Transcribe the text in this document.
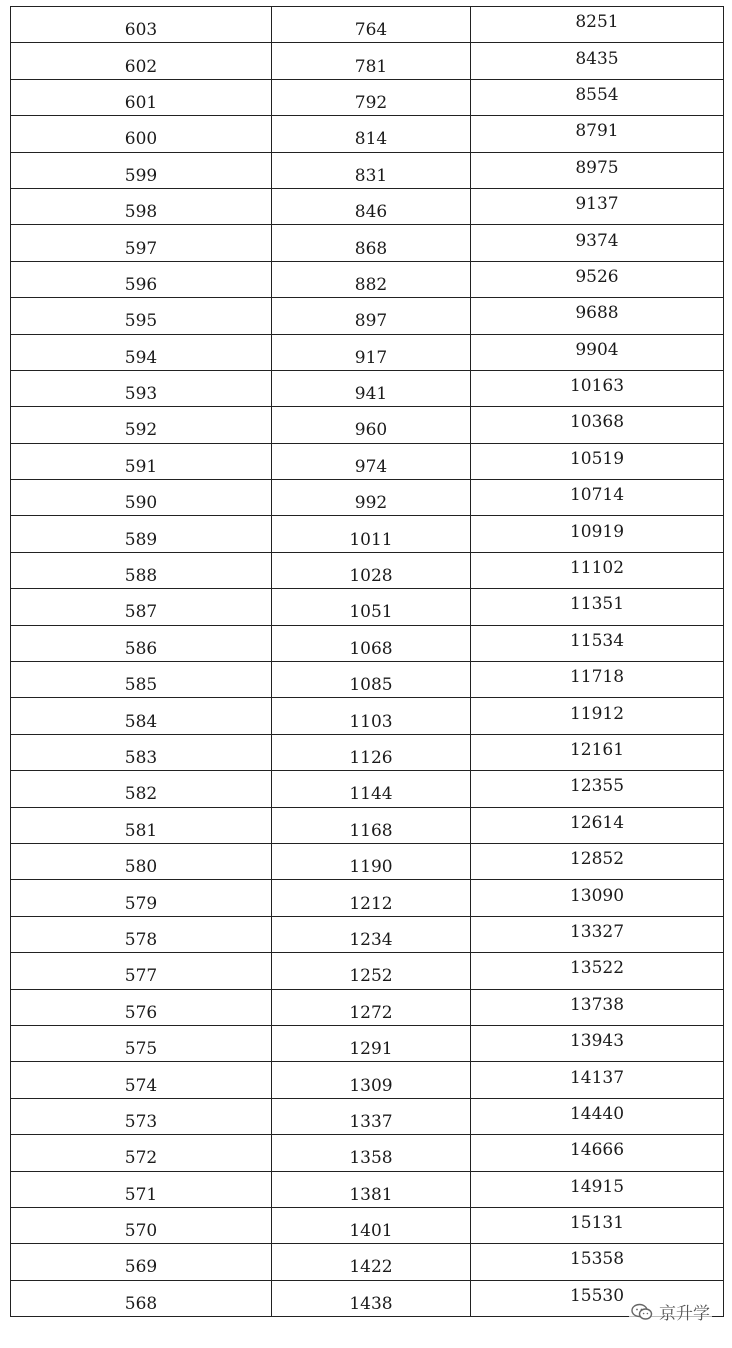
603	764	8251
602	781	8435
601	792	8554
600	814	8791
599	831	8975
598	846	9137
597	868	9374
596	882	9526
595	897	9688
594	917	9904
593	941	10163
592	960	10368
591	974	10519
590	992	10714
589	1011	10919
588	1028	11102
587	1051	11351
586	1068	11534
585	1085	11718
584	1103	11912
583	1126	12161
582	1144	12355
581	1168	12614
580	1190	12852
579	1212	13090
578	1234	13327
577	1252	13522
576	1272	13738
575	1291	13943
574	1309	14137
573	1337	14440
572	1358	14666
571	1381	14915
570	1401	15131
569	1422	15358
568	1438	15530
京升学
